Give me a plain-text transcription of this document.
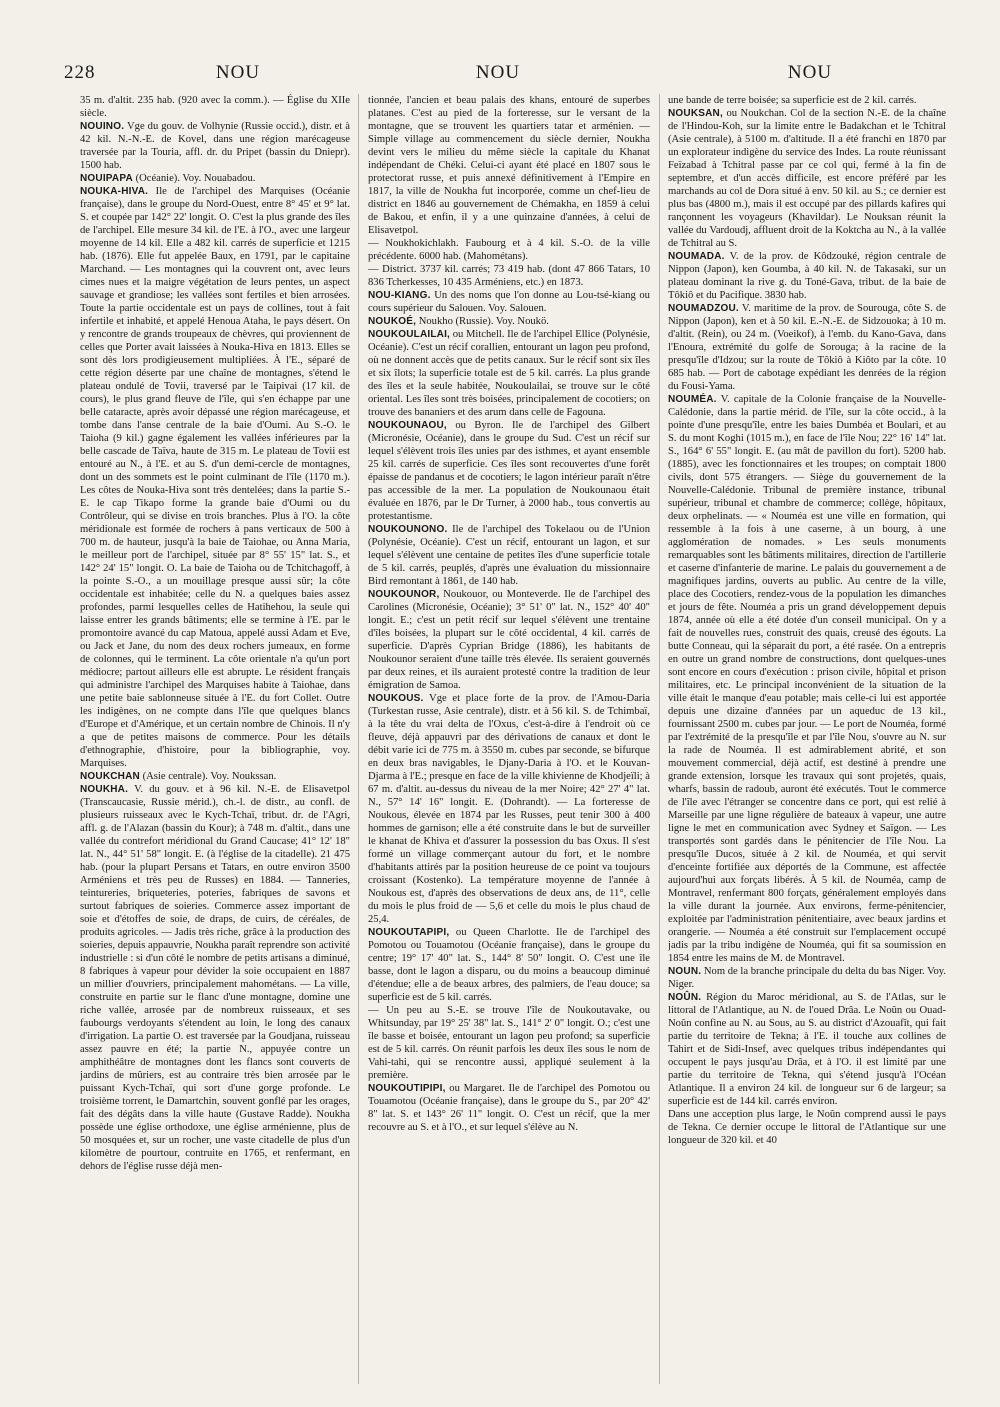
228	NOU	NOU	NOU

35 m. d'altit. 235 hab. (920 avec la comm.). — Église du XIIe siècle.

NOUINO. Vge du gouv. de Volhynie (Russie occid.), distr. et à 42 kil. N.-N.-E. de Kovel, dans une région marécageuse traversée par la Touria, affl. dr. du Pripet (bassin du Dniepr). 1500 hab.

NOUIPAPA (Océanie). Voy. Nouabadou.

NOUKA-HIVA. Ile de l'archipel des Marquises (Océanie française), dans le groupe du Nord-Ouest, entre 8° 45' et 9° lat. S. et coupée par 142° 22' longit. O. C'est la plus grande des îles de l'archipel. Elle mesure 34 kil. de l'E. à l'O., avec une largeur moyenne de 14 kil. Elle a 482 kil. carrés de superficie et 1215 hab. (1876). Elle fut appelée Baux, en 1791, par le capitaine Marchand. — Les montagnes qui la couvrent ont, avec leurs cimes nues et la maigre végétation de leurs pentes, un aspect sauvage et grandiose; les vallées sont fertiles et bien arrosées. Toute la partie occidentale est un pays de collines, tout à fait infertile et inhabité, et appelé Henoua Ataha, le pays désert. On y rencontre de grands troupeaux de chèvres, qui proviennent de celles que Porter avait laissées à Nouka-Hiva en 1813. Elles se sont dès lors prodigieusement multipliées. À l'E., séparé de cette région déserte par une chaîne de montagnes, s'étend le plateau ondulé de Tovii, traversé par le Taipivai (17 kil. de cours), le plus grand fleuve de l'île, qui s'en échappe par une belle cataracte, après avoir dépassé une région marécageuse, et tombe dans l'anse centrale de la baie d'Oumi. Au S.-O. le Taioha (9 kil.) gagne également les vallées inférieures par la belle cascade de Taïva, haute de 315 m. Le plateau de Tovii est entouré au N., à l'E. et au S. d'un demi-cercle de montagnes, dont un des sommets est le point culminant de l'île (1170 m.). Les côtes de Nouka-Hiva sont très dentelées; dans la partie S.-E. le cap Tikapo forme la grande baie d'Oumi ou du Contrôleur, qui se divise en trois branches. Plus à l'O. la côte méridionale est formée de rochers à pans verticaux de 500 à 700 m. de hauteur, jusqu'à la baie de Taiohae, ou Anna Maria, le meilleur port de l'archipel, située par 8° 55' 15" lat. S., et 142° 24' 15" longit. O. La baie de Taioha ou de Tchitchagoff, à la pointe S.-O., a un mouillage presque aussi sûr; la côte occidentale est inhabitée; celle du N. a quelques baies assez profondes, parmi lesquelles celles de Hatihehou, la seule qui laisse entrer les grands bâtiments; elle se termine à l'E. par le promontoire avancé du cap Matoua, appelé aussi Adam et Eve, ou Jack et Jane, du nom des deux rochers jumeaux, en forme de colonnes, qui le terminent. La côte orientale n'a qu'un port médiocre; partout ailleurs elle est abrupte. Le résident français qui administre l'archipel des Marquises habite à Taiohae, dans une petite baie sablonneuse située à l'E. du fort Collet. Outre les indigènes, on ne compte dans l'île que quelques blancs d'Europe et d'Amérique, et un certain nombre de Chinois. Il n'y a que de petites maisons de commerce. Pour les détails d'ethnographie, d'histoire, pour la bibliographie, voy. Marquises.

NOUKCHAN (Asie centrale). Voy. Noukssan.

NOUKHA. V. du gouv. et à 96 kil. N.-E. de Elisavetpol (Transcaucasie, Russie mérid.), ch.-l. de distr., au confl. de plusieurs ruisseaux avec le Kych-Tchaï, tribut. dr. de l'Agri, affl. g. de l'Alazan (bassin du Kour); à 748 m. d'altit., dans une vallée du contrefort méridional du Grand Caucase; 41° 12' 18" lat. N., 44° 51' 58" longit. E. (à l'église de la citadelle). 21 475 hab. (pour la plupart Persans et Tatars, en outre environ 3500 Arméniens et très peu de Russes) en 1884. — Tanneries, teintureries, briqueteries, poteries, fabriques de savons et surtout fabriques de soieries. Commerce assez important de soie et d'étoffes de soie, de draps, de cuirs, de céréales, de produits agricoles. — Jadis très riche, grâce à la production des soieries, depuis appauvrie, Noukha paraît reprendre son activité industrielle : si d'un côté le nombre de petits artisans a diminué, 8 fabriques à vapeur pour dévider la soie occupaient en 1887 un millier d'ouvriers, principalement mahométans. — La ville, construite en partie sur le flanc d'une montagne, domine une riche vallée, arrosée par de nombreux ruisseaux, et ses faubourgs verdoyants s'étendent au loin, le long des canaux d'irrigation. La partie O. est traversée par la Goudjana, ruisseau assez pauvre en été; la partie N., appuyée contre un amphithéâtre de montagnes dont les flancs sont couverts de jardins de mûriers, est au contraire très bien arrosée par le puissant Kych-Tchaï, qui sort d'une gorge profonde. Le troisième torrent, le Damartchin, souvent gonflé par les orages, fait des dégâts dans la ville haute (Gustave Radde). Noukha possède une église orthodoxe, une église arménienne, plus de 50 mosquées et, sur un rocher, une vaste citadelle de plus d'un kilomètre de pourtour, contruite en 1765, et renfermant, en dehors de l'église russe déjà men-

tionnée, l'ancien et beau palais des khans, entouré de superbes platanes. C'est au pied de la forteresse, sur le versant de la montagne, que se trouvent les quartiers tatar et arménien. — Simple village au commencement du siècle dernier, Noukha devint vers le milieu du même siècle la capitale du Khanat indépendant de Chéki. Celui-ci ayant été placé en 1807 sous le protectorat russe, et puis annexé définitivement à l'Empire en 1817, la ville de Noukha fut incorporée, comme un chef-lieu de district en 1846 au gouvernement de Chémakha, en 1859 à celui de Bakou, et enfin, il y a une quinzaine d'années, à celui de Elisavetpol.

— Noukhokichlakh. Faubourg et à 4 kil. S.-O. de la ville précédente. 6000 hab. (Mahométans).

— District. 3737 kil. carrés; 73 419 hab. (dont 47 866 Tatars, 10 836 Tcherkesses, 10 435 Arméniens, etc.) en 1873.

NOU-KIANG. Un des noms que l'on donne au Lou-tsé-kiang ou cours supérieur du Salouen. Voy. Salouen.

NOUKOÉ, Noukho (Russie). Voy. Noukö.

NOUKOULAILAI, ou Mitchell. Ile de l'archipel Ellice (Polynésie, Océanie). C'est un récif corallien, entourant un lagon peu profond, où ne donnent accès que de petits canaux. Sur le récif sont six îles et six îlots; la superficie totale est de 5 kil. carrés. La plus grande des îles et la seule habitée, Noukoulailai, se trouve sur le côté oriental. Les îles sont très boisées, principalement de cocotiers; on trouve des bananiers et des arum dans celle de Fagouna.

NOUKOUNAOU, ou Byron. Ile de l'archipel des Gilbert (Micronésie, Océanie), dans le groupe du Sud. C'est un récif sur lequel s'élèvent trois îles unies par des isthmes, et ayant ensemble 25 kil. carrés de superficie. Ces îles sont recouvertes d'une forêt épaisse de pandanus et de cocotiers; le lagon intérieur paraît n'être pas accessible de la mer. La population de Noukounaou était évaluée en 1876, par le Dr Turner, à 2000 hab., tous convertis au protestantisme.

NOUKOUNONO. Ile de l'archipel des Tokelaou ou de l'Union (Polynésie, Océanie). C'est un récif, entourant un lagon, et sur lequel s'élèvent une centaine de petites îles d'une superficie totale de 5 kil. carrés, peuplés, d'après une évaluation du missionnaire Bird remontant à 1861, de 140 hab.

NOUKOUNOR, Noukouor, ou Monteverde. Ile de l'archipel des Carolines (Micronésie, Océanie); 3° 51' 0" lat. N., 152° 40' 40" longit. E.; c'est un petit récif sur lequel s'élèvent une trentaine d'îles boisées, la plupart sur le côté occidental, 4 kil. carrés de superficie. D'après Cyprian Bridge (1886), les habitants de Noukounor seraient d'une taille très élevée. Ils seraient gouvernés par deux reines, et ils auraient protesté contre la tradition de leur émigration de Samoa.

NOUKOUS. Vge et place forte de la prov. de l'Amou-Daria (Turkestan russe, Asie centrale), distr. et à 56 kil. S. de Tchimbaï, à la tête du vrai delta de l'Oxus, c'est-à-dire à l'endroit où ce fleuve, déjà appauvri par des dérivations de canaux et dont le débit varie ici de 775 m. à 3550 m. cubes par seconde, se bifurque en deux bras navigables, le Djany-Daria à l'O. et le Kouvan-Djarma à l'E.; presque en face de la ville khivienne de Khodjeïli; à 67 m. d'altit. au-dessus du niveau de la mer Noire; 42° 27' 4" lat. N., 57° 14' 16" longit. E. (Dohrandt). — La forteresse de Noukous, élevée en 1874 par les Russes, peut tenir 300 à 400 hommes de garnison; elle a été construite dans le but de surveiller le khanat de Khiva et d'assurer la possession du bas Oxus. Il s'est formé un village commerçant autour du fort, et le nombre d'habitants attirés par la position heureuse de ce point va toujours croissant (Kostenko). La température moyenne de l'année à Noukous est, d'après des observations de deux ans, de 11°, celle du mois le plus froid de — 5,6 et celle du mois le plus chaud de 25,4.

NOUKOUTAPIPI, ou Queen Charlotte. Ile de l'archipel des Pomotou ou Touamotou (Océanie française), dans le groupe du centre; 19° 17' 40" lat. S., 144° 8' 50" longit. O. C'est une île basse, dont le lagon a disparu, ou du moins a beaucoup diminué d'étendue; elle a de beaux arbres, des palmiers, de l'eau douce; sa superficie est de 5 kil. carrés.

— Un peu au S.-E. se trouve l'île de Noukoutavake, ou Whitsunday, par 19° 25' 38" lat. S., 141° 2' 0" longit. O.; c'est une île basse et boisée, entourant un lagon peu profond; sa superficie est de 5 kil. carrés. On réunit parfois les deux îles sous le nom de Vahi-tahi, qui se rencontre aussi, appliqué seulement à la première.

NOUKOUTIPIPI, ou Margaret. Ile de l'archipel des Pomotou ou Touamotou (Océanie française), dans le groupe du S., par 20° 42' 8" lat. S. et 143° 26' 11" longit. O. C'est un récif, que la mer recouvre au S. et à l'O., et sur lequel s'élève au N.

une bande de terre boisée; sa superficie est de 2 kil. carrés.

NOUKSAN, ou Noukchan. Col de la section N.-E. de la chaîne de l'Hindou-Koh, sur la limite entre le Badakchan et le Tchitral (Asie centrale), à 5100 m. d'altitude. Il a été franchi en 1870 par un explorateur indigène du service des Indes. La route réunissant Feïzabad à Tchitral passe par ce col qui, fermé à la fin de septembre, et d'un accès difficile, est encore préféré par les marchands au col de Dora situé à env. 50 kil. au S.; ce dernier est plus bas (4800 m.), mais il est occupé par des pillards kafires qui rançonnent les voyageurs (Khavildar). Le Nouksan réunit la vallée du Vardoudj, affluent droit de la Koktcha au N., à la vallée de Tchitral au S.

NOUMADA. V. de la prov. de Kôdzouké, région centrale de Nippon (Japon), ken Goumba, à 40 kil. N. de Takasaki, sur un plateau dominant la rive g. du Toné-Gava, tribut. de la baie de Tôkiô et du Pacifique. 3830 hab.

NOUMADZOU. V. maritime de la prov. de Sourouga, côte S. de Nippon (Japon), ken et à 50 kil. E.-N.-E. de Sidzouoka; à 10 m. d'altit. (Rein), ou 24 m. (Voeikof), à l'emb. du Kano-Gava, dans l'Enoura, extrémité du golfe de Sorouga; à la racine de la presqu'île d'Idzou; sur la route de Tôkiô à Kiôto par la côte. 10 685 hab. — Port de cabotage expédiant les denrées de la région du Fousi-Yama.

NOUMÉA. V. capitale de la Colonie française de la Nouvelle-Calédonie, dans la partie mérid. de l'île, sur la côte occid., à la pointe d'une presqu'île, entre les baies Dumbéa et Boulari, et au S. du mont Koghi (1015 m.), en face de l'île Nou; 22° 16' 14" lat. S., 164° 6' 55" longit. E. (au mât de pavillon du fort). 5200 hab. (1885), avec les fonctionnaires et les troupes; on comptait 1800 civils, dont 575 étrangers. — Siège du gouvernement de la Nouvelle-Calédonie. Tribunal de première instance, tribunal supérieur, tribunal et chambre de commerce; collège, hôpitaux, deux orphelinats. — « Nouméa est une ville en formation, qui ressemble à la fois à une caserne, à un bourg, à une agglomération de nomades. » Les seuls monuments remarquables sont les bâtiments militaires, direction de l'artillerie et caserne d'infanterie de marine. Le palais du gouvernement a de magnifiques jardins, ouverts au public. Au centre de la ville, place des Cocotiers, rendez-vous de la population les dimanches et jours de fête. Nouméa a pris un grand développement depuis 1874, année où elle a été dotée d'un conseil municipal. On y a fait de nouvelles rues, construit des quais, creusé des égouts. La butte Conneau, qui la séparait du port, a été rasée. On a entrepris en outre un grand nombre de constructions, dont quelques-unes sont encore en cours d'exécution : prison civile, hôpital et prison militaires, etc. Le principal inconvénient de la situation de la ville était le manque d'eau potable; mais celle-ci lui est apportée depuis une dizaine d'années par un aqueduc de 13 kil., fournissant 2500 m. cubes par jour. — Le port de Nouméa, formé par l'extrémité de la presqu'île et par l'île Nou, s'ouvre au N. sur la rade de Nouméa. Il est admirablement abrité, et son mouvement commercial, déjà actif, est destiné à prendre une grande extension, lorsque les travaux qui sont projetés, quais, wharfs, bassin de radoub, auront été exécutés. Tout le commerce de l'île avec l'étranger se concentre dans ce port, qui est relié à Marseille par une ligne régulière de bateaux à vapeur, une autre ligne le met en communication avec Sydney et Saïgon. — Les transportés sont gardés dans le pénitencier de l'île Nou. La presqu'île Ducos, située à 2 kil. de Nouméa, et qui servit d'enceinte fortifiée aux déportés de la Commune, est affectée aujourd'hui aux forçats libérés. À 5 kil. de Nouméa, camp de Montravel, renfermant 800 forçats, généralement employés dans la ville durant la journée. Aux environs, ferme-pénitencier, exploitée par l'administration pénitentiaire, avec beaux jardins et orangerie. — Nouméa a été construit sur l'emplacement occupé jadis par la tribu indigène de Nouméa, qui fit sa soumission en 1854 entre les mains de M. de Montravel.

NOUN. Nom de la branche principale du delta du bas Niger. Voy. Niger.

NOÛN. Région du Maroc méridional, au S. de l'Atlas, sur le littoral de l'Atlantique, au N. de l'oued Drâa. Le Noûn ou Ouad-Noûn confine au N. au Sous, au S. au district d'Azouafît, qui fait partie du territoire de Tekna; à l'E. il touche aux collines de Tahirt et de Sidi-Insef, avec quelques tribus indépendantes qui occupent le pays jusqu'au Drâa, et à l'O. il est limité par une partie du territoire de Tekna, qui s'étend jusqu'à l'Océan Atlantique. Il a environ 24 kil. de longueur sur 6 de largeur; sa superficie est de 144 kil. carrés environ.

Dans une acception plus large, le Noûn comprend aussi le pays de Tekna. Ce dernier occupe le littoral de l'Atlantique sur une longueur de 320 kil. et 40
